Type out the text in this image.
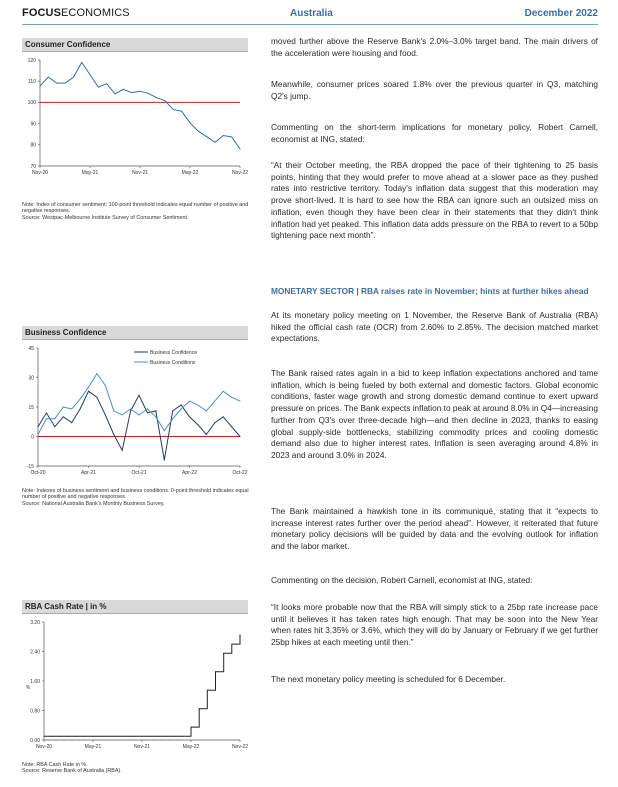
FOCUSECONOMICS	Australia	December 2022
Consumer Confidence
70
80
90
100
110
120
Nov-20	May-21	Nov-21	May-22	Nov-22
Note: Index of consumer sentiment; 100-point threshold indicates equal number of positive and negative responses.
Source: Westpac-Melbourne Institute Survey of Consumer Sentiment.
Business Confidence
-15
0
15
30
45
Oct-20	Apr-21	Oct-21	Apr-22	Oct-22
Business Confidence
Business Conditions
Note: Indexes of business sentiment and business conditions. 0-point threshold indicates equal number of positive and negative responses.
Source: National Australia Bank's Monthly Business Survey.
RBA Cash Rate | in %
0.00
0.80
1.60
2.40
3.20
Nov-20	May-21	Nov-21	May-22	Nov-22
%
Note: RBA Cash Rate in %.
Source: Reserve Bank of Australia (RBA).

moved further above the Reserve Bank's 2.0%–3.0% target band. The main drivers of the acceleration were housing and food.

Meanwhile, consumer prices soared 1.8% over the previous quarter in Q3, matching Q2's jump.

Commenting on the short-term implications for monetary policy, Robert Carnell, economist at ING, stated:

“At their October meeting, the RBA dropped the pace of their tightening to 25 basis points, hinting that they would prefer to move ahead at a slower pace as they pushed rates into restrictive territory. Today's inflation data suggest that this moderation may prove short-lived. It is hard to see how the RBA can ignore such an outsized miss on inflation, even though they have been clear in their statements that they didn't think inflation had yet peaked. This inflation data adds pressure on the RBA to revert to a 50bp tightening pace next month”.

MONETARY SECTOR | RBA raises rate in November; hints at further hikes ahead

At its monetary policy meeting on 1 November, the Reserve Bank of Australia (RBA) hiked the official cash rate (OCR) from 2.60% to 2.85%. The decision matched market expectations.

The Bank raised rates again in a bid to keep inflation expectations anchored and tame inflation, which is being fueled by both external and domestic factors. Global economic conditions, faster wage growth and strong domestic demand continue to exert upward pressure on prices. The Bank expects inflation to peak at around 8.0% in Q4—increasing further from Q3's over three-decade high—and then decline in 2023, thanks to easing global supply-side bottlenecks, stabilizing commodity prices and cooling domestic demand also due to higher interest rates. Inflation is seen averaging around 4.8% in 2023 and around 3.0% in 2024.

The Bank maintained a hawkish tone in its communiqué, stating that it “expects to increase interest rates further over the period ahead”. However, it reiterated that future monetary policy decisions will be guided by data and the evolving outlook for inflation and the labor market.

Commenting on the decision, Robert Carnell, economist at ING, stated:

“It looks more probable now that the RBA will simply stick to a 25bp rate increase pace until it believes it has taken rates high enough. That may be soon into the New Year when rates hit 3.35% or 3.6%, which they will do by January or February if we get further 25bp hikes at each meeting until then.”

The next monetary policy meeting is scheduled for 6 December.
